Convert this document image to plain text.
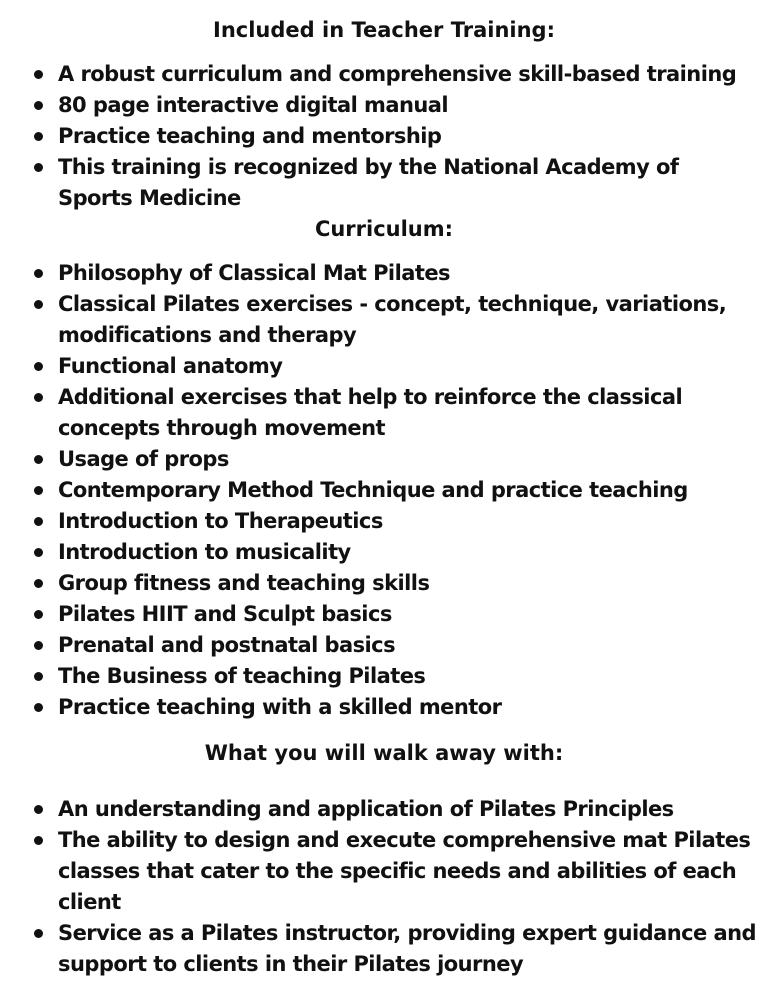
Included in Teacher Training:
A robust curriculum and comprehensive skill-based training
80 page interactive digital manual
Practice teaching and mentorship
This training is recognized by the National Academy of Sports Medicine
Curriculum:
Philosophy of Classical Mat Pilates
Classical Pilates exercises - concept, technique, variations, modifications and therapy
Functional anatomy
Additional exercises that help to reinforce the classical concepts through movement
Usage of props
Contemporary Method Technique and practice teaching
Introduction to Therapeutics
Introduction to musicality
Group fitness and teaching skills
Pilates HIIT and Sculpt basics
Prenatal and postnatal basics
The Business of teaching Pilates
Practice teaching with a skilled mentor
What you will walk away with:
An understanding and application of Pilates Principles
The ability to design and execute comprehensive mat Pilates classes that cater to the specific needs and abilities of each client
Service as a Pilates instructor, providing expert guidance and support to clients in their Pilates journey
